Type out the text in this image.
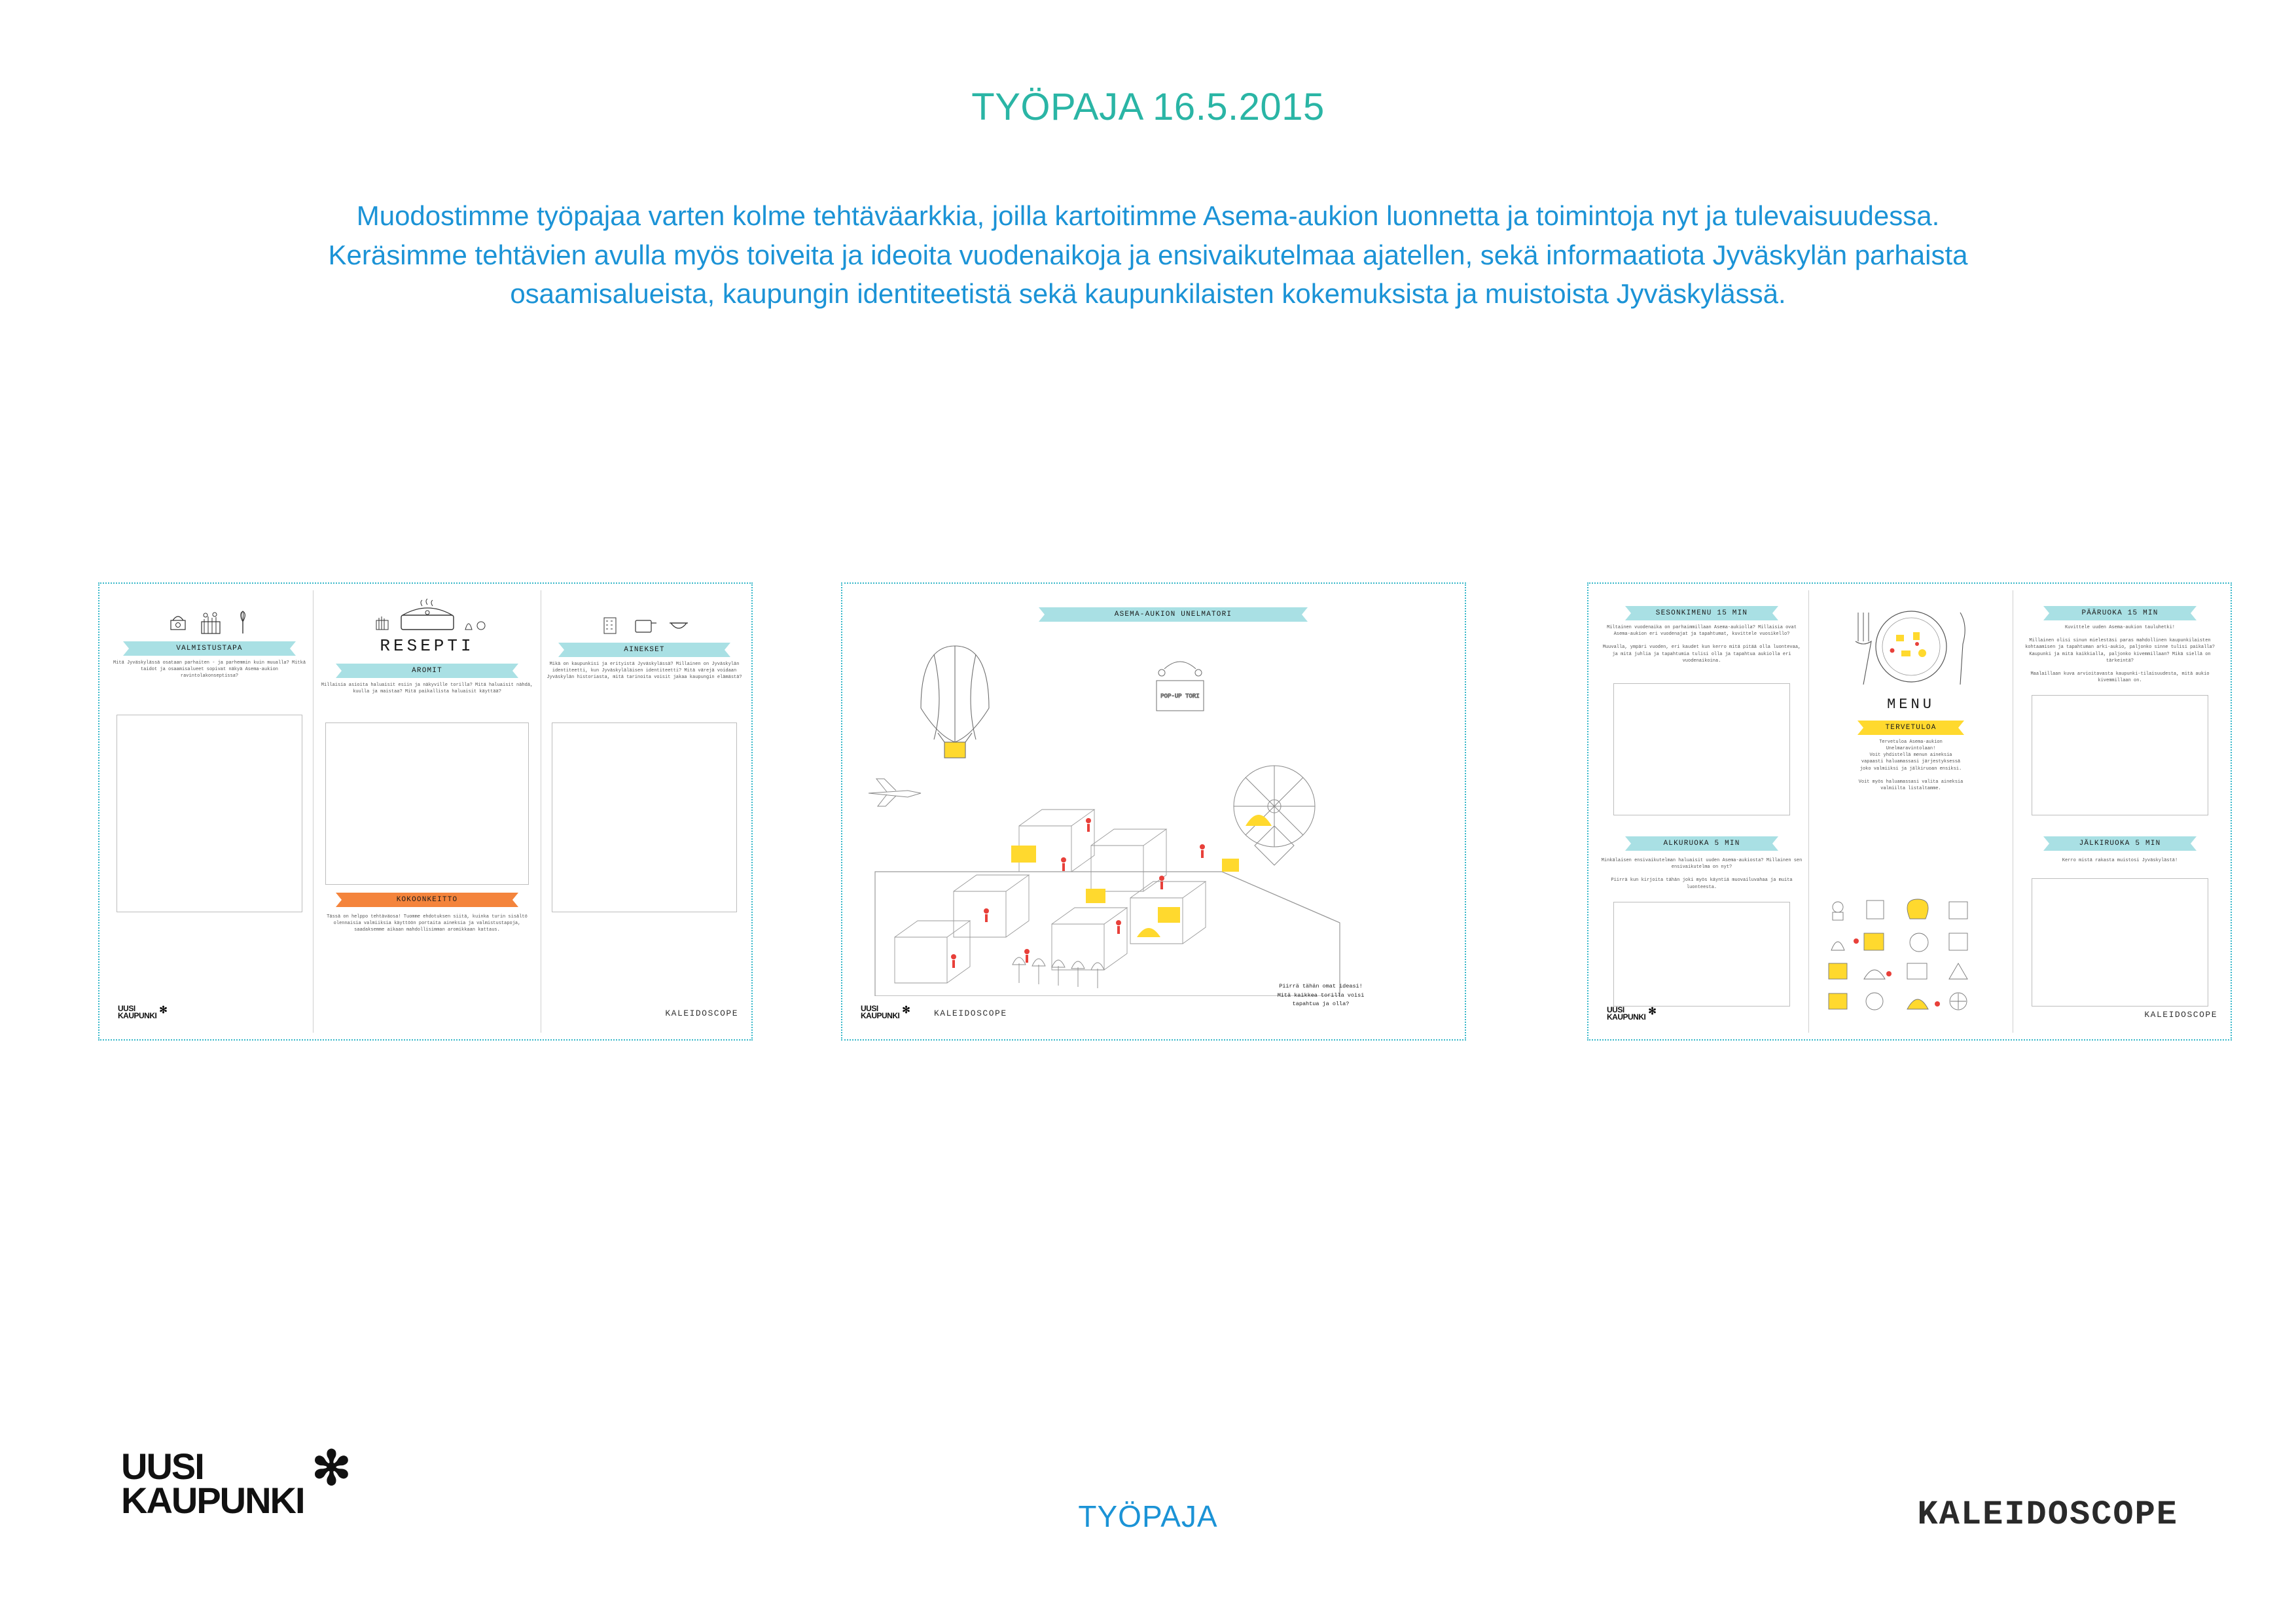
TYÖPAJA 16.5.2015
Muodostimme työpajaa varten kolme tehtäväarkkia, joilla kartoitimme Asema-aukion luonnetta ja toimintoja nyt ja tulevaisuudessa. Keräsimme tehtävien avulla myös toiveita ja ideoita vuodenaikoja ja ensivaikutelmaa ajatellen, sekä informaatiota Jyväskylän parhaista osaamisalueista, kaupungin identiteetistä sekä kaupunkilaisten kokemuksista ja muistoista Jyväskylässä.
VALMISTUSTAPA
Mitä Jyväskylässä osataan parhaiten - ja parhemmin kuin muualla? Mitkä taidot ja osaamisalueet sopivat näkyä Asema-aukion ravintolakonseptissa?
UUSI
KAUPUNKI ✻
RESEPTI
AROMIT
Millaisia asioita haluaisit esiin ja näkyville torilla? Mitä haluaisit nähdä, kuulla ja maistaa? Mitä paikallista haluaisit käyttää?
KOKOONKEITTO
Tässä on helppo tehtäväosa! Tuomme ehdotuksen siitä, kuinka turin sisältö olennaisia valmiiksia käyttöön portaita aineksia ja valmistustapoja, saadaksemme aikaan mahdollisimman aromikkaan kattaus.
AINEKSET
Mikä on kaupunkisi ja erityistä Jyväskylässä? Millainen on Jyväskylän identiteetti, kun Jyväskyläläisen identiteetti? Mitä värejä voidaan Jyväskylän historiasta, mitä tarinoita voisit jakaa kaupungin elämästä?
KALEIDOSCOPE
ASEMA-AUKION UNELMATORI
POP-UP TORI
Piirrä tähän omat ideasi!
Mitä kaikkea torilla voisi
tapahtua ja olla?
UUSI
KAUPUNKI ✻	KALEIDOSCOPE
SESONKIMENU 15 MIN
Miltainen vuodenaika on parhaimmillaan Asema-aukiolla? Millaisia ovat Asema-aukion eri vuodenajat ja tapahtumat, kuvittele vuosikello?

Muuvalla, ympäri vuoden, eri kaudet kun kerro mitä pitää olla luontevaa, ja mitä juhlia ja tapahtumia tulisi olla ja tapahtua aukiolla eri vuodenaikoina.
ALKURUOKA 5 MIN
Minkälaisen ensivaikutelman haluaisit uuden Asema-aukiosta? Millainen sen ensivaikutelma on nyt?

Piirrä kun kirjoita tähän joki myös käyntiä muovailuvahaa ja muita luonteesta.
UUSI
KAUPUNKI ✻
MENU
TERVETULOA
Tervetuloa Asema-aukion
Unelmaravintolaan!
Voit yhdistellä menun aineksia
vapaasti haluamassasi järjestyksessä
joko valmiiksi ja jälkiruoan ensiksi.

Voit myös haluamassasi valita aineksia
valmiilta listaltamme.
PÄÄRUOKA 15 MIN
Kuvittele uuden Asema-aukion tauluhetki!

Millainen olisi sinun mielestäsi paras mahdollinen kaupunkilaisten kohtaamisen ja tapahtuman arki-aukio, paljonko sinne tulisi paikalla? Kaupunki ja mitä kaikkialla, paljonko kivemmillaan? Mikä siellä on tärkeintä?

Maalaillaan kuva arvioitavasta kaupunki-tilaisuudesta, mitä aukio kivemmillaan on.
JÄLKIRUOKA 5 MIN
Kerro mistä rakasta muistosi Jyväskylästä!
KALEIDOSCOPE
UUSI
KAUPUNKI
✻
TYÖPAJA	KALEIDOSCOPE
